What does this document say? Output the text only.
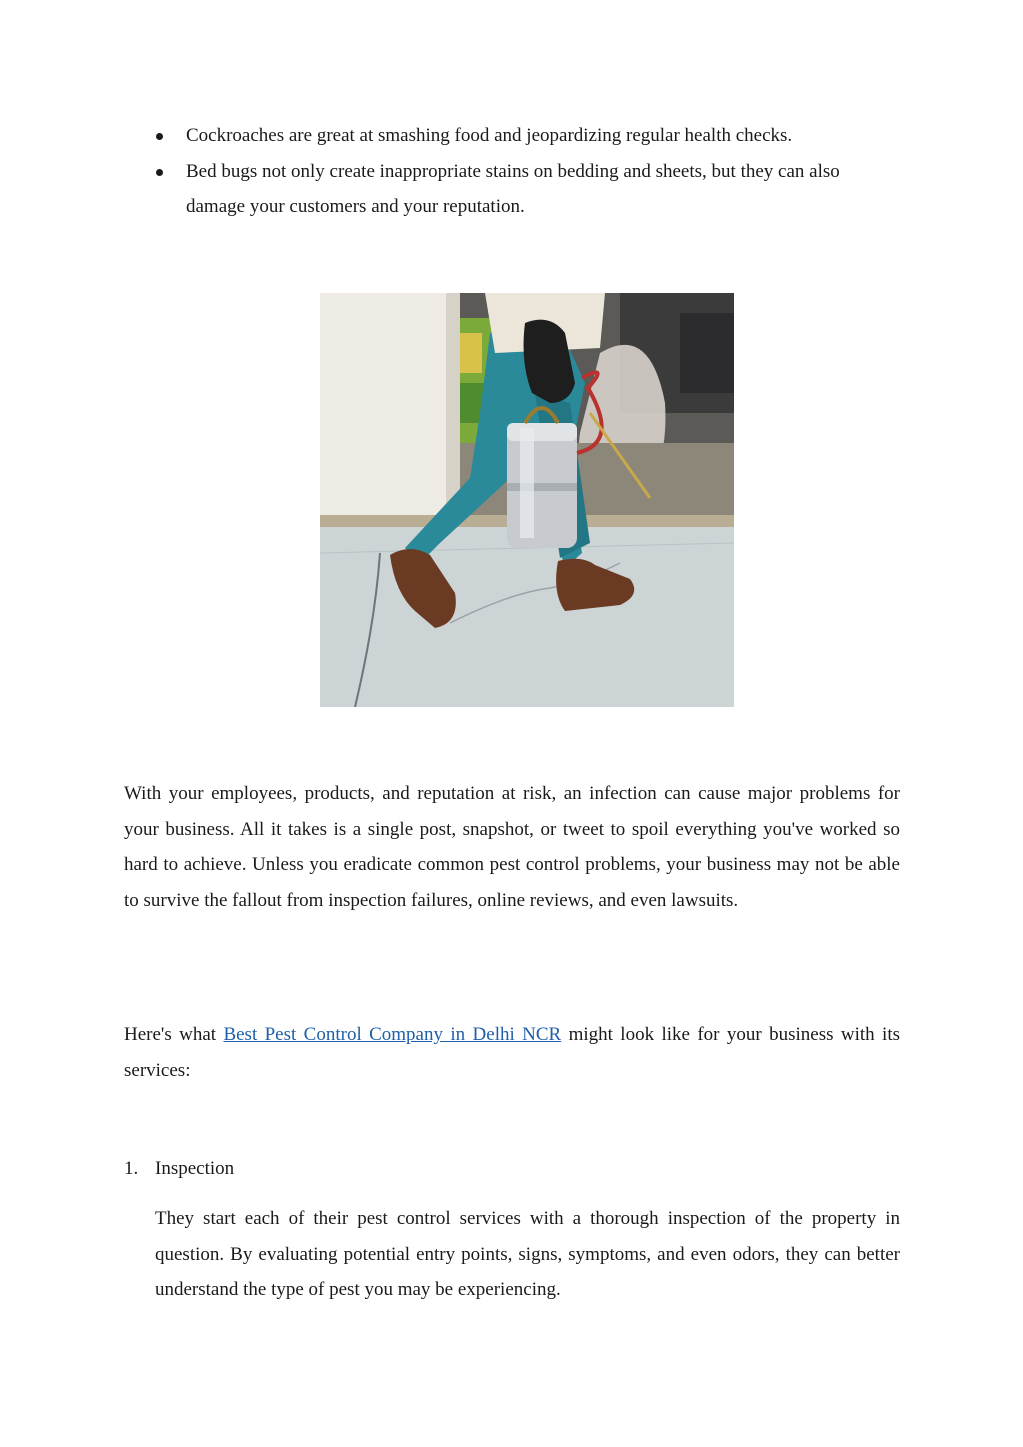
Cockroaches are great at smashing food and jeopardizing regular health checks.
Bed bugs not only create inappropriate stains on bedding and sheets, but they can also damage your customers and your reputation.

With your employees, products, and reputation at risk, an infection can cause major problems for your business. All it takes is a single post, snapshot, or tweet to spoil everything you've worked so hard to achieve. Unless you eradicate common pest control problems, your business may not be able to survive the fallout from inspection failures, online reviews, and even lawsuits.

Here's what Best Pest Control Company in Delhi NCR might look like for your business with its services:

1. Inspection

They start each of their pest control services with a thorough inspection of the property in question. By evaluating potential entry points, signs, symptoms, and even odors, they can better understand the type of pest you may be experiencing.
